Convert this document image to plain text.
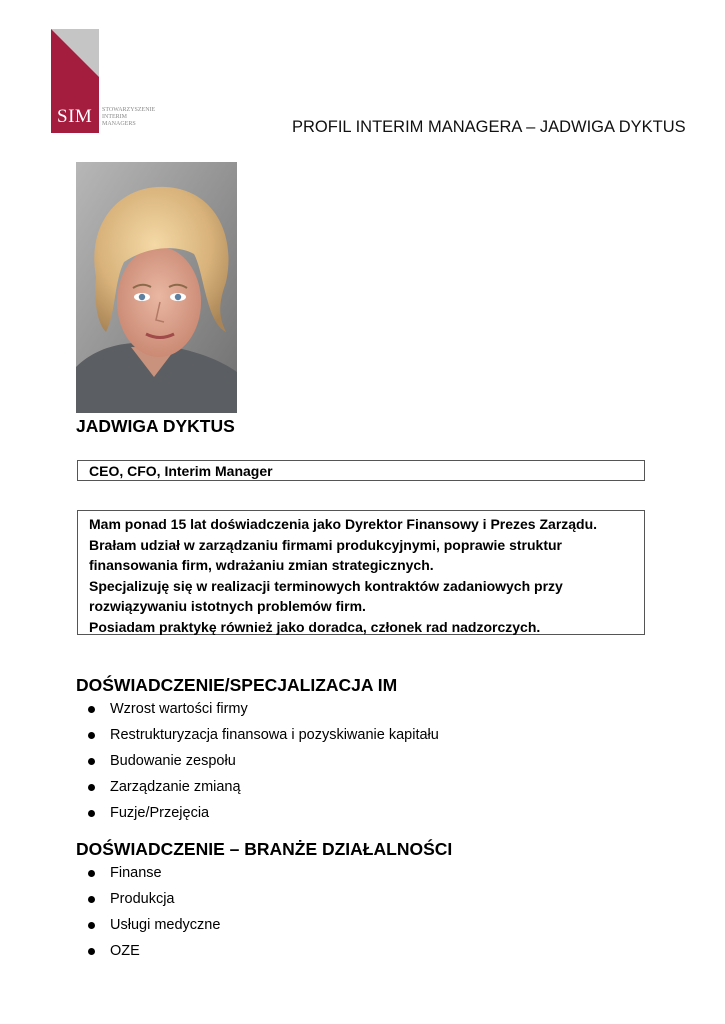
SIM STOWARZYSZENIE
INTERIM
MANAGERS	PROFIL INTERIM MANAGERA – JADWIGA DYKTUS
JADWIGA DYKTUS
CEO, CFO, Interim Manager

Mam ponad 15 lat doświadczenia jako Dyrektor Finansowy i Prezes Zarządu.

Brałam udział w zarządzaniu firmami produkcyjnymi, poprawie struktur

finansowania firm, wdrażaniu zmian strategicznych.

Specjalizuję się w realizacji terminowych kontraktów zadaniowych przy

rozwiązywaniu istotnych problemów firm.

Posiadam praktykę również jako doradca, członek rad nadzorczych.

DOŚWIADCZENIE/SPECJALIZACJA IM
Wzrost wartości firmy
Restrukturyzacja finansowa i pozyskiwanie kapitału
Budowanie zespołu
Zarządzanie zmianą
Fuzje/Przejęcia
DOŚWIADCZENIE – BRANŻE DZIAŁALNOŚCI
Finanse
Produkcja
Usługi medyczne
OZE
